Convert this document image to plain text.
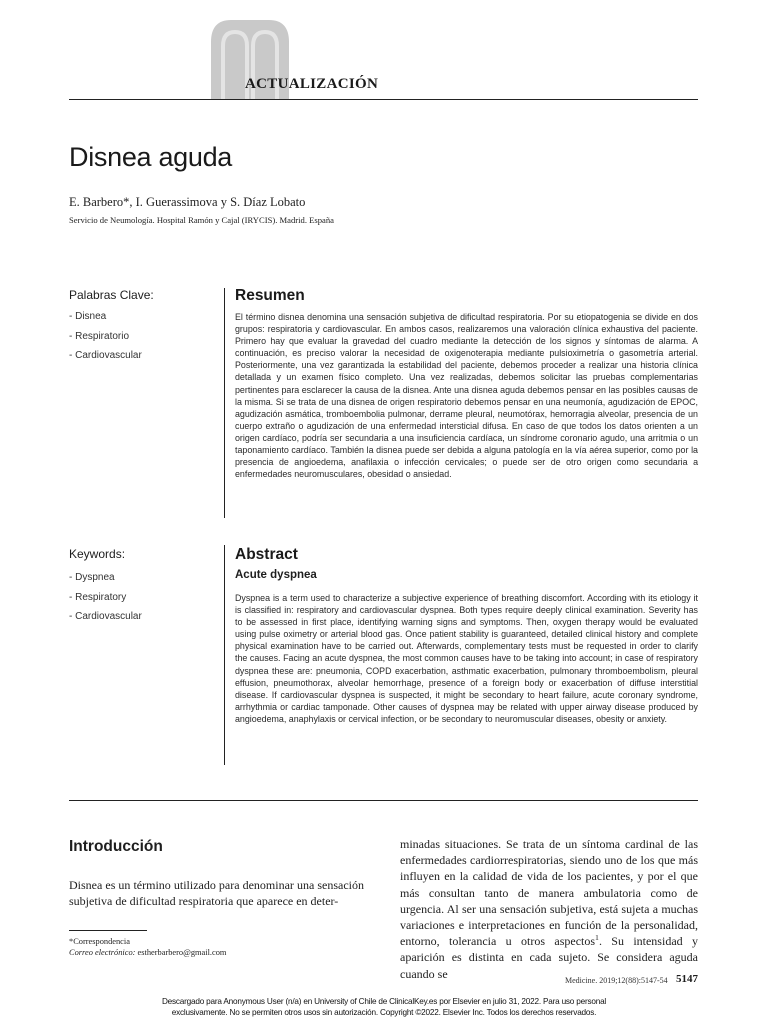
ACTUALIZACIÓN
Disnea aguda
E. Barbero*, I. Guerassimova y S. Díaz Lobato
Servicio de Neumología. Hospital Ramón y Cajal (IRYCIS). Madrid. España
Palabras Clave:
- Disnea
- Respiratorio
- Cardiovascular
Resumen

El término disnea denomina una sensación subjetiva de dificultad respiratoria. Por su etiopatogenia se divide en dos grupos: respiratoria y cardiovascular. En ambos casos, realizaremos una valoración clínica exhaustiva del paciente. Primero hay que evaluar la gravedad del cuadro mediante la detección de los signos y síntomas de alarma. A continuación, es preciso valorar la necesidad de oxigenoterapia mediante pulsioximetría o gasometría arterial. Posteriormente, una vez garantizada la estabilidad del paciente, debemos proceder a realizar una historia clínica detallada y un examen físico completo. Una vez realizadas, debemos solicitar las pruebas complementarias pertinentes para esclarecer la causa de la disnea. Ante una disnea aguda debemos pensar en las posibles causas de la misma. Si se trata de una disnea de origen respiratorio debemos pensar en una neumonía, agudización de EPOC, agudización asmática, tromboembolia pulmonar, derrame pleural, neumotórax, hemorragia alveolar, presencia de un cuerpo extraño o agudización de una enfermedad intersticial difusa. En caso de que todos los datos orienten a un origen cardíaco, podría ser secundaria a una insuficiencia cardíaca, un síndrome coronario agudo, una arritmia o un taponamiento cardíaco. También la disnea puede ser debida a alguna patología en la vía aérea superior, como por la presencia de angioedema, anafilaxia o infección cervicales; o puede ser de otro origen como secundaria a enfermedades neuromusculares, obesidad o ansiedad.

Keywords:
- Dyspnea
- Respiratory
- Cardiovascular
Abstract
Acute dyspnea

Dyspnea is a term used to characterize a subjective experience of breathing discomfort. According with its etiology it is classified in: respiratory and cardiovascular dyspnea. Both types require deeply clinical examination. Severity has to be assessed in first place, identifying warning signs and symptoms. Then, oxygen therapy would be evaluated using pulse oximetry or arterial blood gas. Once patient stability is guaranteed, detailed clinical history and complete physical examination have to be carried out. Afterwards, complementary tests must be requested in order to clarify the causes. Facing an acute dyspnea, the most common causes have to be taking into account; in case of respiratory dyspnea these are: pneumonia, COPD exacerbation, asthmatic exacerbation, pulmonary thromboembolism, pleural effusion, pneumothorax, alveolar hemorrhage, presence of a foreign body or exacerbation of diffuse interstitial disease. If cardiovascular dyspnea is suspected, it might be secondary to heart failure, acute coronary syndrome, arrhythmia or cardiac tamponade. Other causes of dyspnea may be related with upper airway disease produced by angioedema, anaphylaxis or cervical infection, or be secondary to neuromuscular diseases, obesity or anxiety.

Introducción

Disnea es un término utilizado para denominar una sensación subjetiva de dificultad respiratoria que aparece en deter-

minadas situaciones. Se trata de un síntoma cardinal de las enfermedades cardiorrespiratorias, siendo uno de los que más influyen en la calidad de vida de los pacientes, y por el que más consultan tanto de manera ambulatoria como de urgencia. Al ser una sensación subjetiva, está sujeta a muchas variaciones e interpretaciones en función de la personalidad, entorno, tolerancia u otros aspectos$^1$. Su intensidad y aparición es distinta en cada sujeto. Se considera aguda cuando se

*Correspondencia
Correo electrónico: estherbarbero@gmail.com
Medicine. 2019;12(88):5147-54 5147
Descargado para Anonymous User (n/a) en University of Chile de ClinicalKey.es por Elsevier en julio 31, 2022. Para uso personal
exclusivamente. No se permiten otros usos sin autorización. Copyright ©2022. Elsevier Inc. Todos los derechos reservados.
